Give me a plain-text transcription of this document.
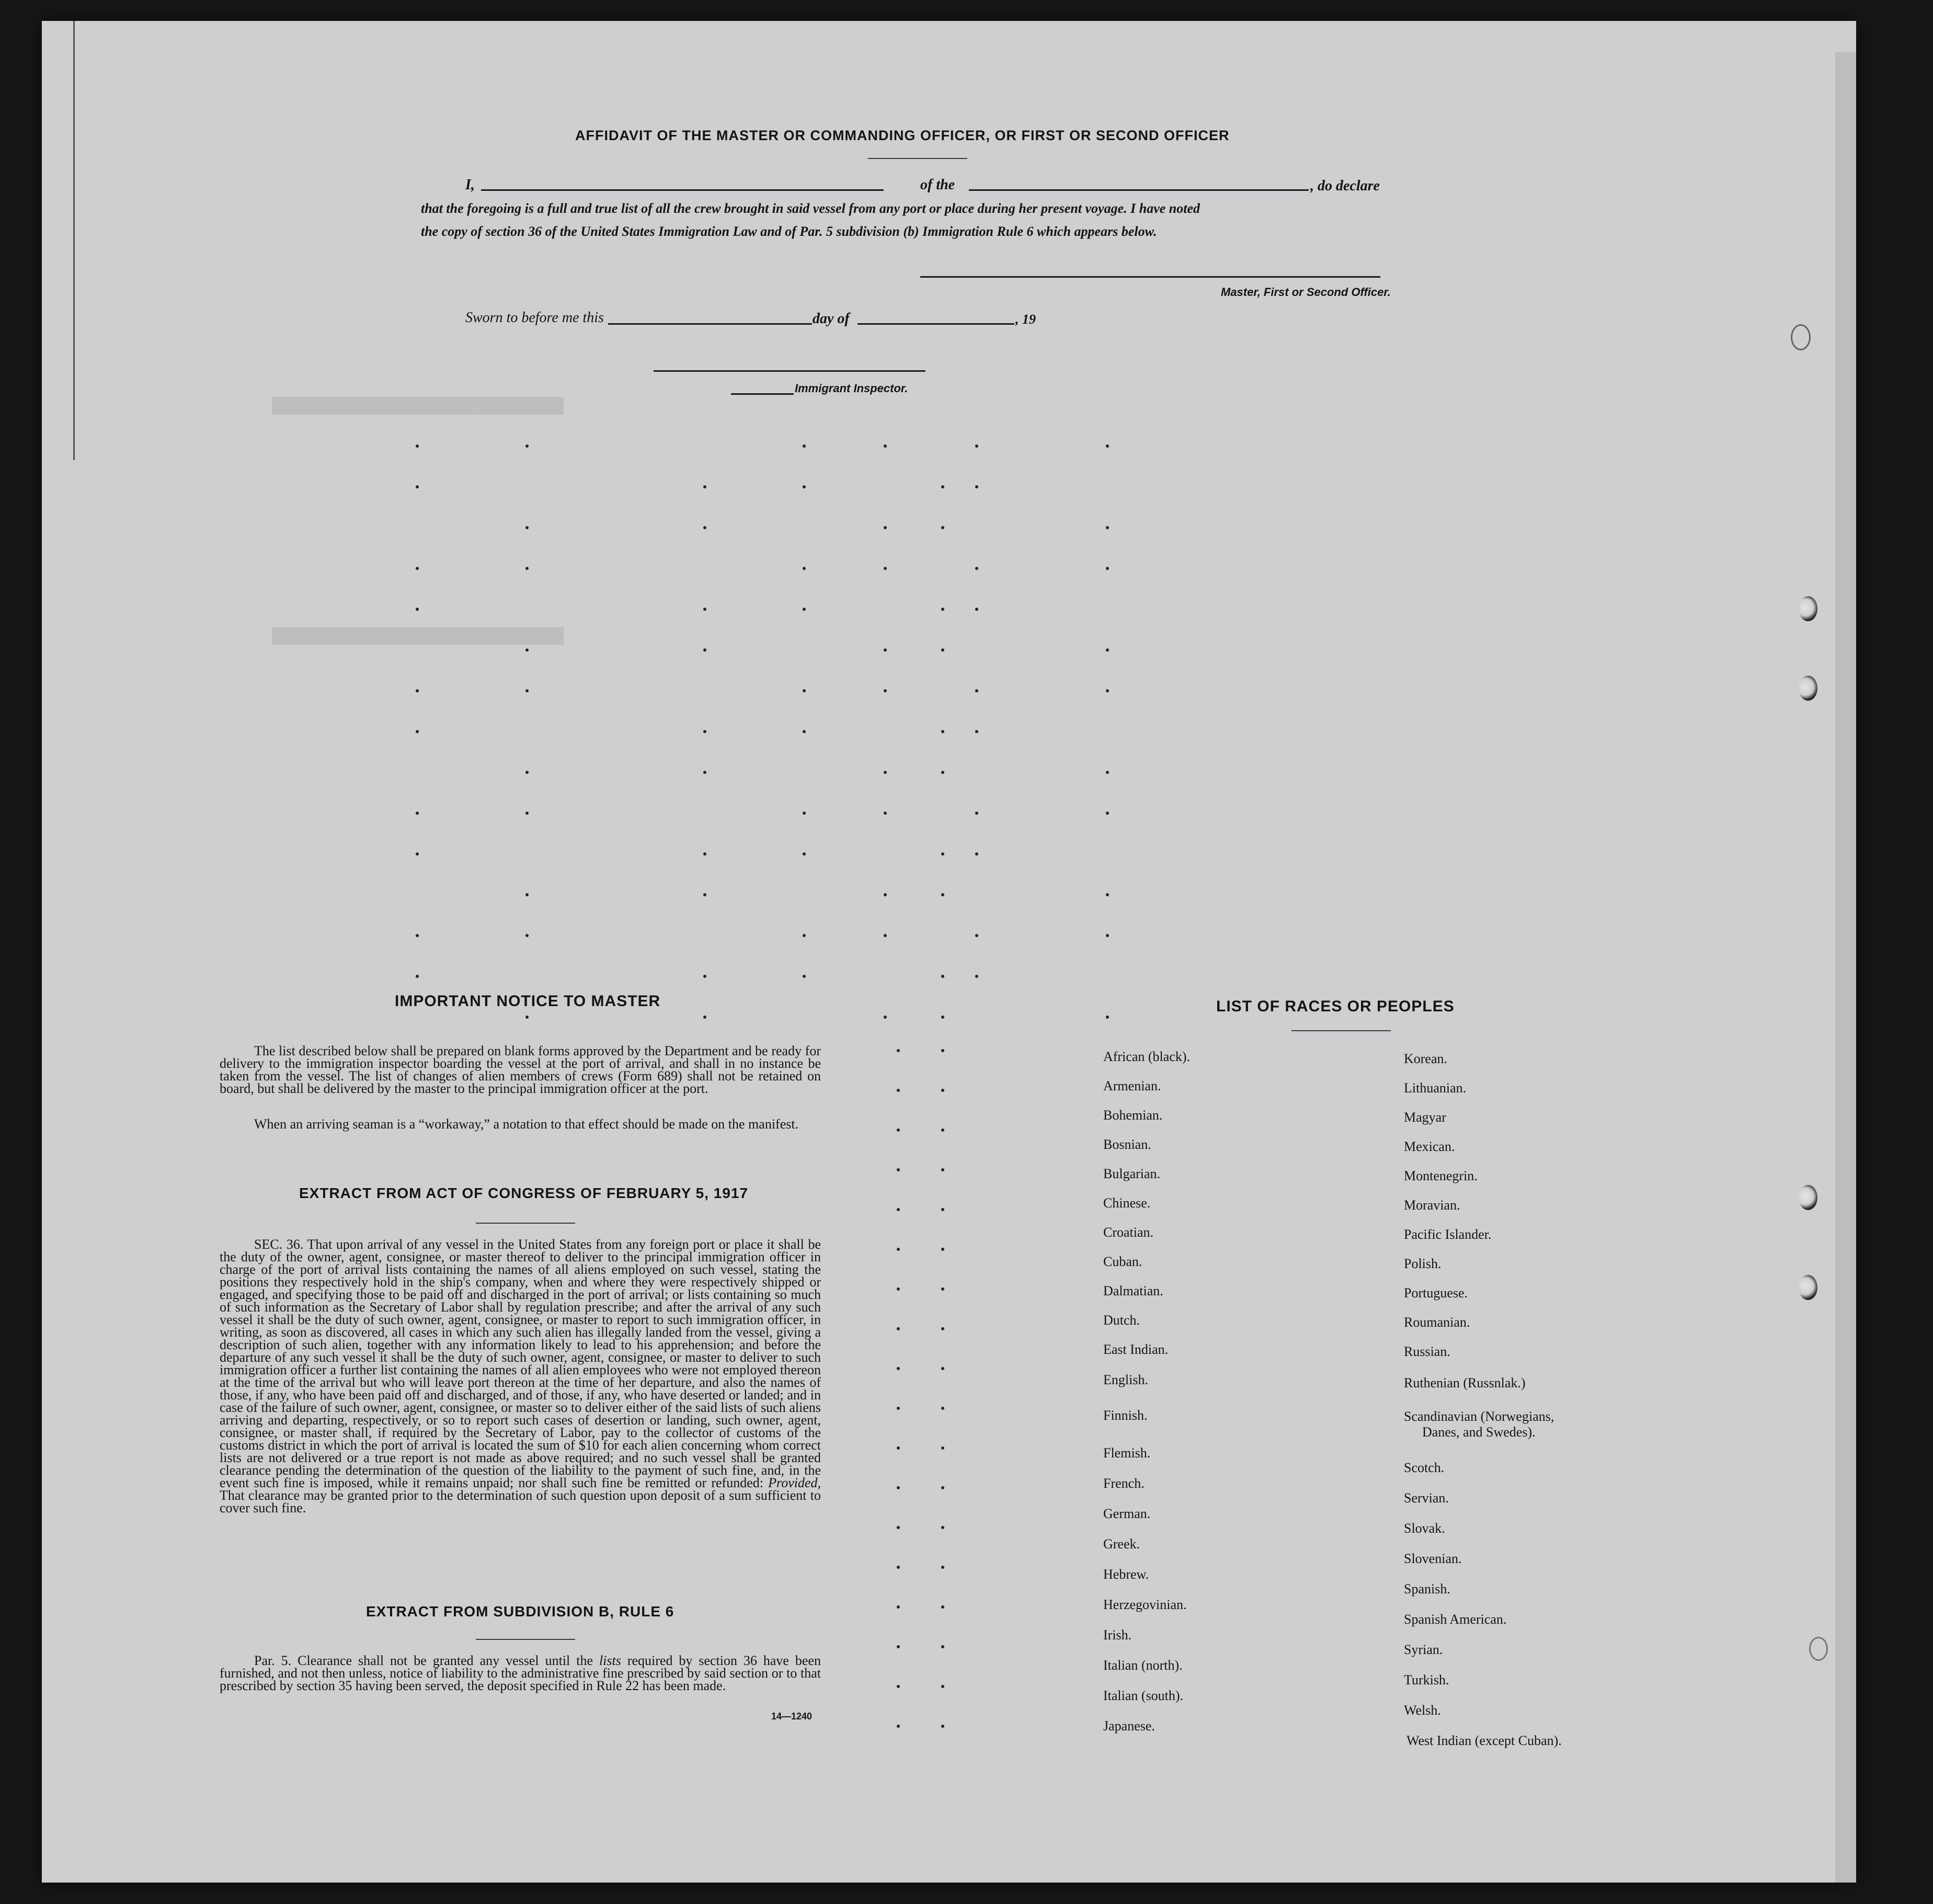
███████████████████████████████
███████████████████████████████
AFFIDAVIT OF THE MASTER OR COMMANDING OFFICER, OR FIRST OR SECOND OFFICER
I,	of the	, do declare
that the foregoing is a full and true list of all the crew brought in said vessel from any port or place during her present voyage. I have noted
the copy of section 36 of the United States Immigration Law and of Par. 5 subdivision (b) Immigration Rule 6 which appears below.
Master, First or Second Officer.
Sworn to before me this	day of	, 19
Immigrant Inspector.
IMPORTANT NOTICE TO MASTER
The list described below shall be prepared on blank forms approved by the Department and be ready for delivery to the immigration inspector boarding the vessel at the port of arrival, and shall in no instance be taken from the vessel. The list of changes of alien members of crews (Form 689) shall not be retained on board, but shall be delivered by the master to the principal immigration officer at the port.
When an arriving seaman is a “workaway,” a notation to that effect should be made on the manifest.
EXTRACT FROM ACT OF CONGRESS OF FEBRUARY 5, 1917
SEC. 36. That upon arrival of any vessel in the United States from any foreign port or place it shall be the duty of the owner, agent, consignee, or master thereof to deliver to the principal immigration officer in charge of the port of arrival lists containing the names of all aliens employed on such vessel, stating the positions they respectively hold in the ship's company, when and where they were respectively shipped or engaged, and specifying those to be paid off and discharged in the port of arrival; or lists containing so much of such information as the Secretary of Labor shall by regulation prescribe; and after the arrival of any such vessel it shall be the duty of such owner, agent, consignee, or master to report to such immigration officer, in writing, as soon as discovered, all cases in which any such alien has illegally landed from the vessel, giving a description of such alien, together with any information likely to lead to his apprehension; and before the departure of any such vessel it shall be the duty of such owner, agent, consignee, or master to deliver to such immigration officer a further list containing the names of all alien employees who were not employed thereon at the time of the arrival but who will leave port thereon at the time of her departure, and also the names of those, if any, who have been paid off and discharged, and of those, if any, who have deserted or landed; and in case of the failure of such owner, agent, consignee, or master so to deliver either of the said lists of such aliens arriving and departing, respectively, or so to report such cases of desertion or landing, such owner, agent, consignee, or master shall, if required by the Secretary of Labor, pay to the collector of customs of the customs district in which the port of arrival is located the sum of $10 for each alien concerning whom correct lists are not delivered or a true report is not made as above required; and no such vessel shall be granted clearance pending the determination of the question of the liability to the payment of such fine, and, in the event such fine is imposed, while it remains unpaid; nor shall such fine be remitted or refunded: Provided, That clearance may be granted prior to the determination of such question upon deposit of a sum sufficient to cover such fine.
EXTRACT FROM SUBDIVISION B, RULE 6
Par. 5. Clearance shall not be granted any vessel until the lists required by section 36 have been furnished, and not then unless, notice of liability to the administrative fine prescribed by said section or to that prescribed by section 35 having been served, the deposit specified in Rule 22 has been made.
14—1240
LIST OF RACES OR PEOPLES
African (black).
Armenian.
Bohemian.
Bosnian.
Bulgarian.
Chinese.
Croatian.
Cuban.
Dalmatian.
Dutch.
East Indian.
English.
Finnish.
Flemish.
French.
German.
Greek.
Hebrew.
Herzegovinian.
Irish.
Italian (north).
Italian (south).
Japanese.
Korean.
Lithuanian.
Magyar
Mexican.
Montenegrin.
Moravian.
Pacific Islander.
Polish.
Portuguese.
Roumanian.
Russian.
Ruthenian (Russnlak.)
Scandinavian (Norwegians,
Danes, and Swedes).
Scotch.
Servian.
Slovak.
Slovenian.
Spanish.
Spanish American.
Syrian.
Turkish.
Welsh.
West Indian (except Cuban).
